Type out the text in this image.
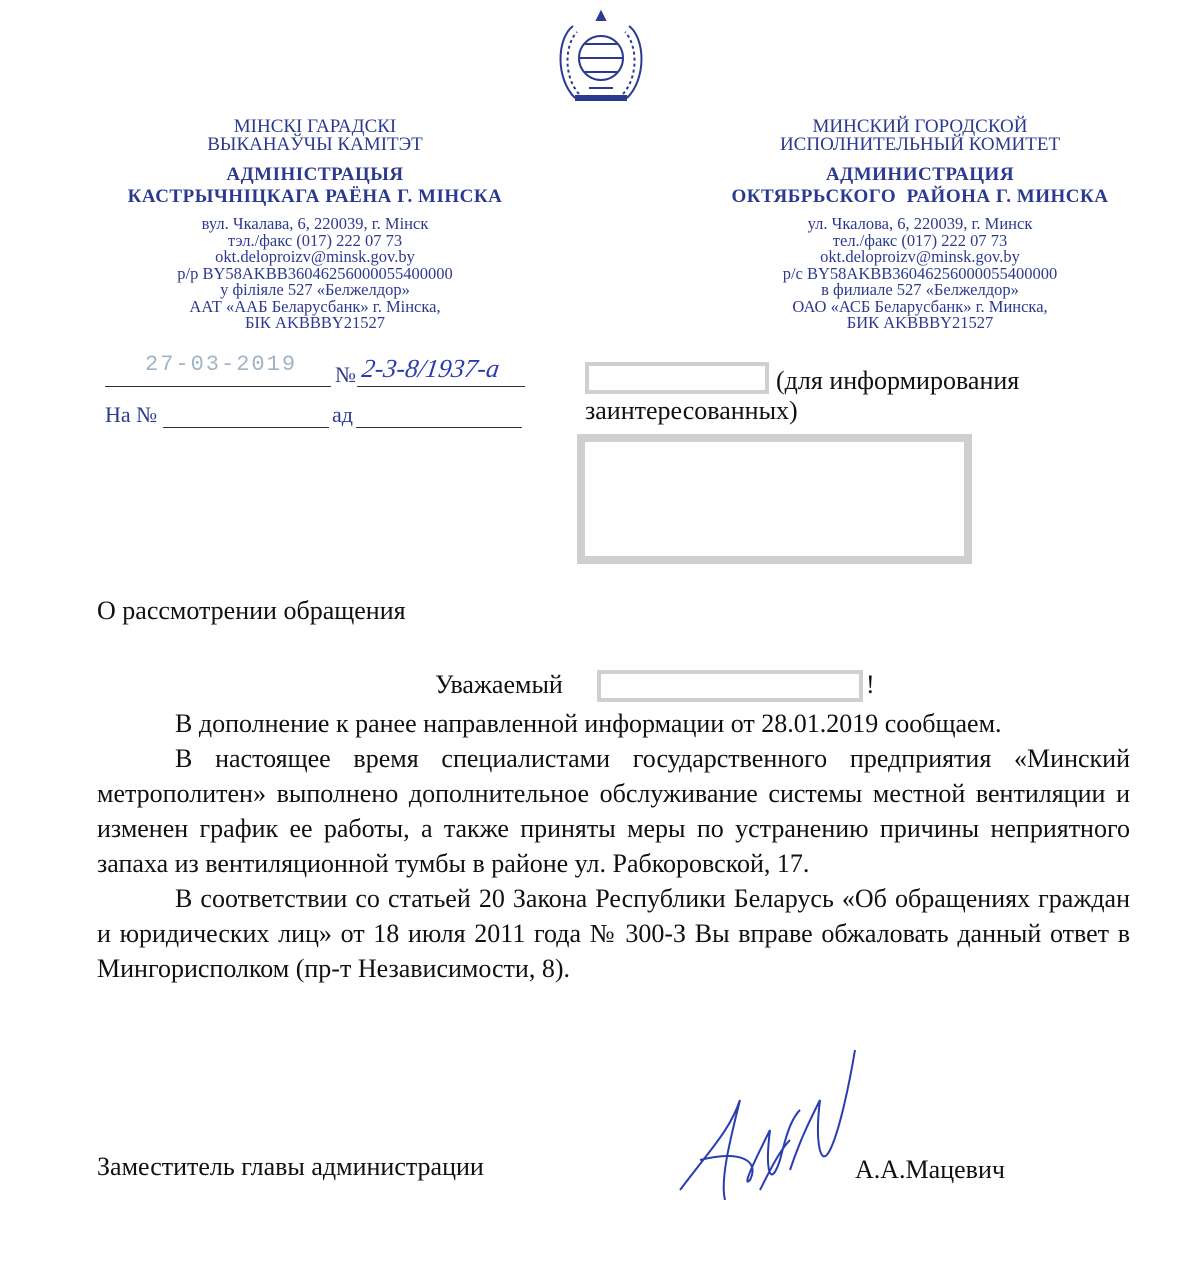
МІНСКІ ГАРАДСКІ
ВЫКАНАЎЧЫ КАМІТЭТ
АДМІНІСТРАЦЫЯ
КАСТРЫЧНІЦКАГА РАЁНА Г. МІНСКА
вул. Чкалава, 6, 220039, г. Мінск
тэл./факс (017) 222 07 73
okt.deloproizv@minsk.gov.by
р/р BY58AKBB36046256000055400000
у філіяле 527 «Белжелдор»
ААТ «ААБ Беларусбанк» г. Мінска,
БІК AKBBBY21527
МИНСКИЙ ГОРОДСКОЙ
ИСПОЛНИТЕЛЬНЫЙ КОМИТЕТ
АДМИНИСТРАЦИЯ
ОКТЯБРЬСКОГО  РАЙОНА Г. МИНСКА
ул. Чкалова, 6, 220039, г. Минск
тел./факс (017) 222 07 73
okt.deloproizv@minsk.gov.by
р/с BY58AKBB36046256000055400000
в филиале 527 «Белжелдор»
ОАО «АСБ Беларусбанк» г. Минска,
БИК AKBBBY21527
27-03-2019 № 2-3-8/1937-а
На №	ад
(для информирования
заинтересованных)
О рассмотрении обращения
Уважаемый	!

В дополнение к ранее направленной информации от 28.01.2019 сообщаем.

В настоящее время специалистами государственного предприятия «Минский метрополитен» выполнено дополнительное обслуживание системы местной вентиляции и изменен график ее работы, а также приняты меры по устранению причины неприятного запаха из вентиляционной тумбы в районе ул. Рабкоровской, 17.

В соответствии со статьей 20 Закона Республики Беларусь «Об обращениях граждан и юридических лиц» от 18 июля 2011 года № 300-З Вы вправе обжаловать данный ответ в Мингорисполком (пр-т Независимости, 8).

Заместитель главы администрации	А.А.Мацевич
